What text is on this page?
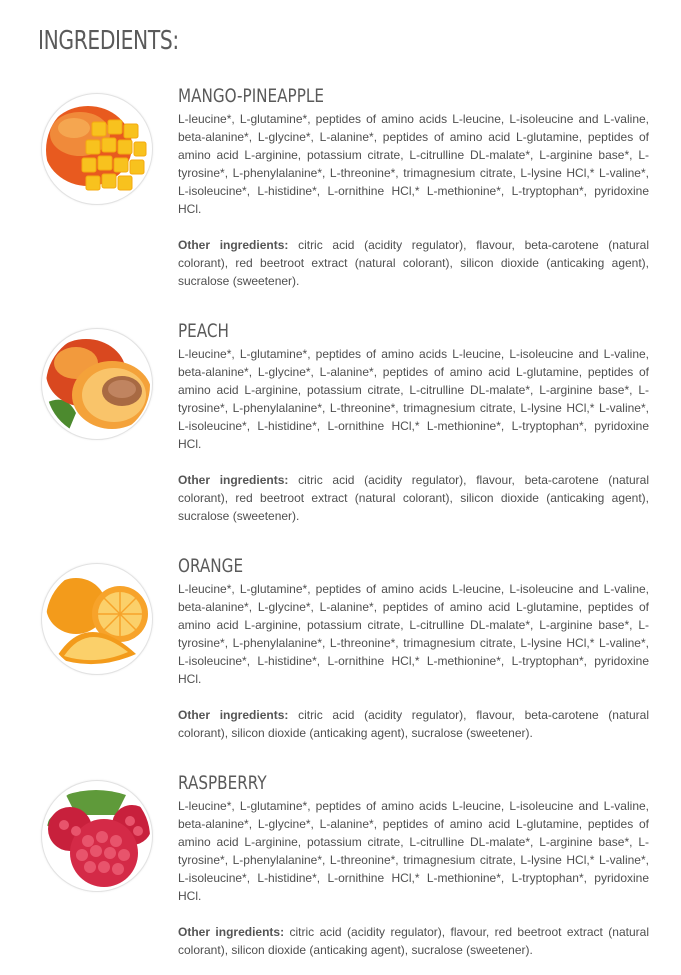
INGREDIENTS:
MANGO-PINEAPPLE
L-leucine*, L-glutamine*, peptides of amino acids L-leucine, L-isoleucine and L-valine, beta-alanine*, L-glycine*, L-alanine*, peptides of amino acid L-glutamine, peptides of amino acid L-arginine, potassium citrate, L-citrulline DL-malate*, L-arginine base*, L-tyrosine*, L-phenylalanine*, L-threonine*, trimagnesium citrate, L-lysine HCl,* L-valine*, L-isoleucine*, L-histidine*, L-ornithine HCl,* L-methionine*, L-tryptophan*, pyridoxine HCl.
Other ingredients: citric acid (acidity regulator), flavour, beta-carotene (natural colorant), red beetroot extract (natural colorant), silicon dioxide (anticaking agent), sucralose (sweetener).
PEACH
L-leucine*, L-glutamine*, peptides of amino acids L-leucine, L-isoleucine and L-valine, beta-alanine*, L-glycine*, L-alanine*, peptides of amino acid L-glutamine, peptides of amino acid L-arginine, potassium citrate, L-citrulline DL-malate*, L-arginine base*, L-tyrosine*, L-phenylalanine*, L-threonine*, trimagnesium citrate, L-lysine HCl,* L-valine*, L-isoleucine*, L-histidine*, L-ornithine HCl,* L-methionine*, L-tryptophan*, pyridoxine HCl.
Other ingredients: citric acid (acidity regulator), flavour, beta-carotene (natural colorant), red beetroot extract (natural colorant), silicon dioxide (anticaking agent), sucralose (sweetener).
ORANGE
L-leucine*, L-glutamine*, peptides of amino acids L-leucine, L-isoleucine and L-valine, beta-alanine*, L-glycine*, L-alanine*, peptides of amino acid L-glutamine, peptides of amino acid L-arginine, potassium citrate, L-citrulline DL-malate*, L-arginine base*, L-tyrosine*, L-phenylalanine*, L-threonine*, trimagnesium citrate, L-lysine HCl,* L-valine*, L-isoleucine*, L-histidine*, L-ornithine HCl,* L-methionine*, L-tryptophan*, pyridoxine HCl.
Other ingredients: citric acid (acidity regulator), flavour, beta-carotene (natural colorant), silicon dioxide (anticaking agent), sucralose (sweetener).
RASPBERRY
L-leucine*, L-glutamine*, peptides of amino acids L-leucine, L-isoleucine and L-valine, beta-alanine*, L-glycine*, L-alanine*, peptides of amino acid L-glutamine, peptides of amino acid L-arginine, potassium citrate, L-citrulline DL-malate*, L-arginine base*, L-tyrosine*, L-phenylalanine*, L-threonine*, trimagnesium citrate, L-lysine HCl,* L-valine*, L-isoleucine*, L-histidine*, L-ornithine HCl,* L-methionine*, L-tryptophan*, pyridoxine HCl.
Other ingredients: citric acid (acidity regulator), flavour, red beetroot extract (natural colorant), silicon dioxide (anticaking agent), sucralose (sweetener).
